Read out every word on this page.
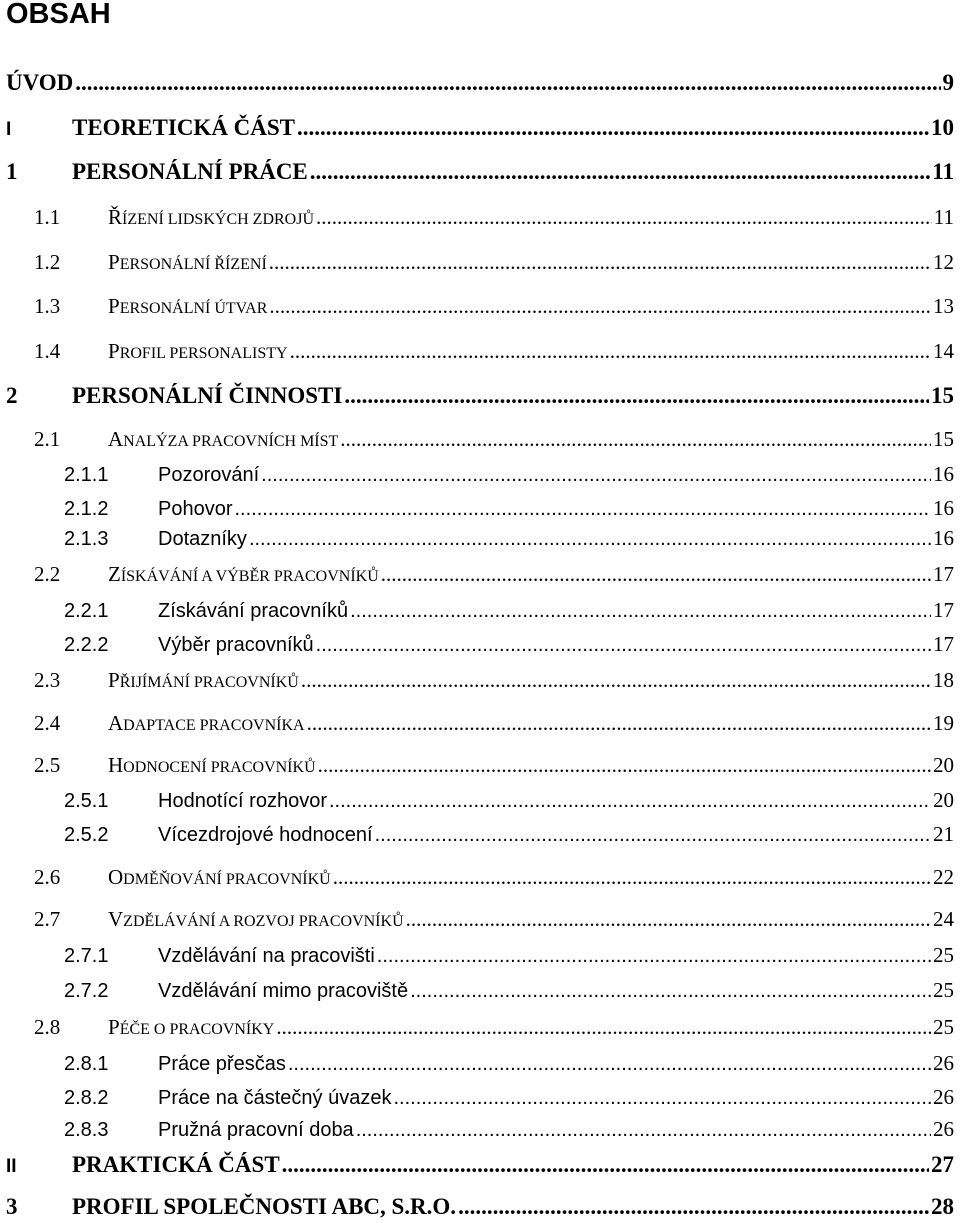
OBSAH
ÚVOD .....	9
I	TEORETICKÁ ČÁST .....	10
1	PERSONÁLNÍ PRÁCE .....	11
1.1	ŘÍZENÍ LIDSKÝCH ZDROJŮ .....	11
1.2	PERSONÁLNÍ ŘÍZENÍ .....	12
1.3	PERSONÁLNÍ ÚTVAR .....	13
1.4	PROFIL PERSONALISTY .....	14
2	PERSONÁLNÍ ČINNOSTI .....	15
2.1	ANALÝZA PRACOVNÍCH MÍST .....	15
2.1.1	Pozorování .....	16
2.1.2	Pohovor .....	16
2.1.3	Dotazníky .....	16
2.2	ZÍSKÁVÁNÍ A VÝBĚR PRACOVNÍKŮ .....	17
2.2.1	Získávání pracovníků .....	17
2.2.2	Výběr pracovníků .....	17
2.3	PŘIJÍMÁNÍ PRACOVNÍKŮ .....	18
2.4	ADAPTACE PRACOVNÍKA .....	19
2.5	HODNOCENÍ PRACOVNÍKŮ .....	20
2.5.1	Hodnotící rozhovor .....	20
2.5.2	Vícezdrojové hodnocení .....	21
2.6	ODMĚŇOVÁNÍ PRACOVNÍKŮ .....	22
2.7	VZDĚLÁVÁNÍ A ROZVOJ PRACOVNÍKŮ .....	24
2.7.1	Vzdělávání na pracovišti .....	25
2.7.2	Vzdělávání mimo pracoviště .....	25
2.8	PÉČE O PRACOVNÍKY .....	25
2.8.1	Práce přesčas .....	26
2.8.2	Práce na částečný úvazek .....	26
2.8.3	Pružná pracovní doba .....	26
II	PRAKTICKÁ ČÁST .....	27
3	PROFIL SPOLEČNOSTI ABC, S.R.O. .....	28
